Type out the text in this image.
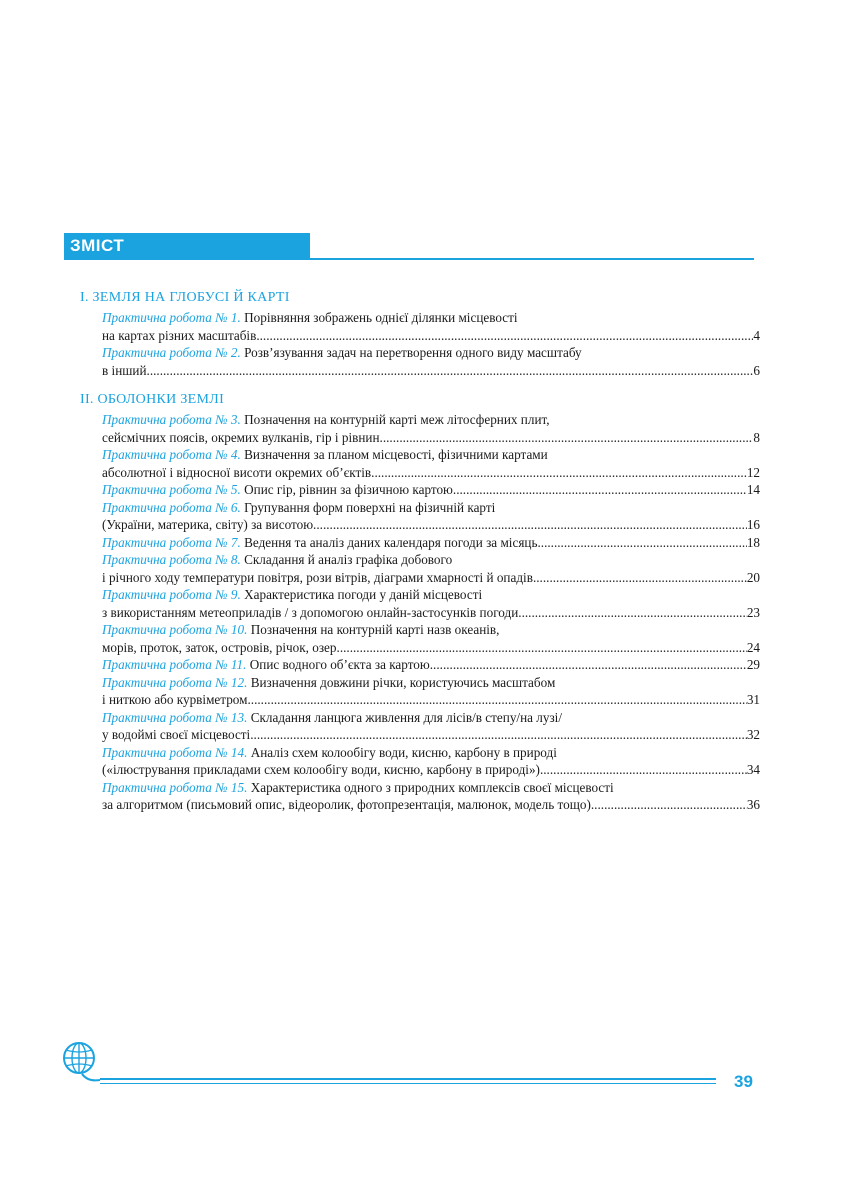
ЗМІСТ
I. ЗЕМЛЯ НА ГЛОБУСІ Й КАРТІ
Практична робота № 1. Порівняння зображень однієї ділянки місцевості
на картах різних масштабів. .....	4
Практична робота № 2. Розв’язування задач на перетворення одного виду масштабу
в інший. .....	6
II. ОБОЛОНКИ ЗЕМЛІ
Практична робота № 3. Позначення на контурній карті меж літосферних плит,
сейсмічних поясів, окремих вулканів, гір і рівнин. .....	8
Практична робота № 4. Визначення за планом місцевості, фізичними картами
абсолютної і відносної висоти окремих об’єктів .....	12
Практична робота № 5. Опис гір, рівнин за фізичною картою .....	14
Практична робота № 6. Групування форм поверхні на фізичній карті
(України, материка, світу) за висотою. .....	16
Практична робота № 7. Ведення та аналіз даних календаря погоди за місяць. .....	18
Практична робота № 8. Складання й аналіз графіка добового
і річного ходу температури повітря, рози вітрів, діаграми хмарності й опадів. .....	20
Практична робота № 9. Характеристика погоди у даній місцевості
з використанням метеоприладів / з допомогою онлайн-застосунків погоди. .....	23
Практична робота № 10. Позначення на контурній карті назв океанів,
морів, проток, заток, островів, річок, озер .....	24
Практична робота № 11. Опис водного об’єкта за картою. .....	29
Практична робота № 12. Визначення довжини річки, користуючись масштабом
і ниткою або курвіметром .....	31
Практична робота № 13. Складання ланцюга живлення для лісів/в степу/на лузі/
у водоймі своєї місцевості. .....	32
Практична робота № 14. Аналіз схем колообігу води, кисню, карбону в природі
(«ілюстрування прикладами схем колообігу води, кисню, карбону в природі»). .....	34
Практична робота № 15. Характеристика одного з природних комплексів своєї місцевості
за алгоритмом (письмовий опис, відеоролик, фотопрезентація, малюнок, модель тощо). .....	36
39
